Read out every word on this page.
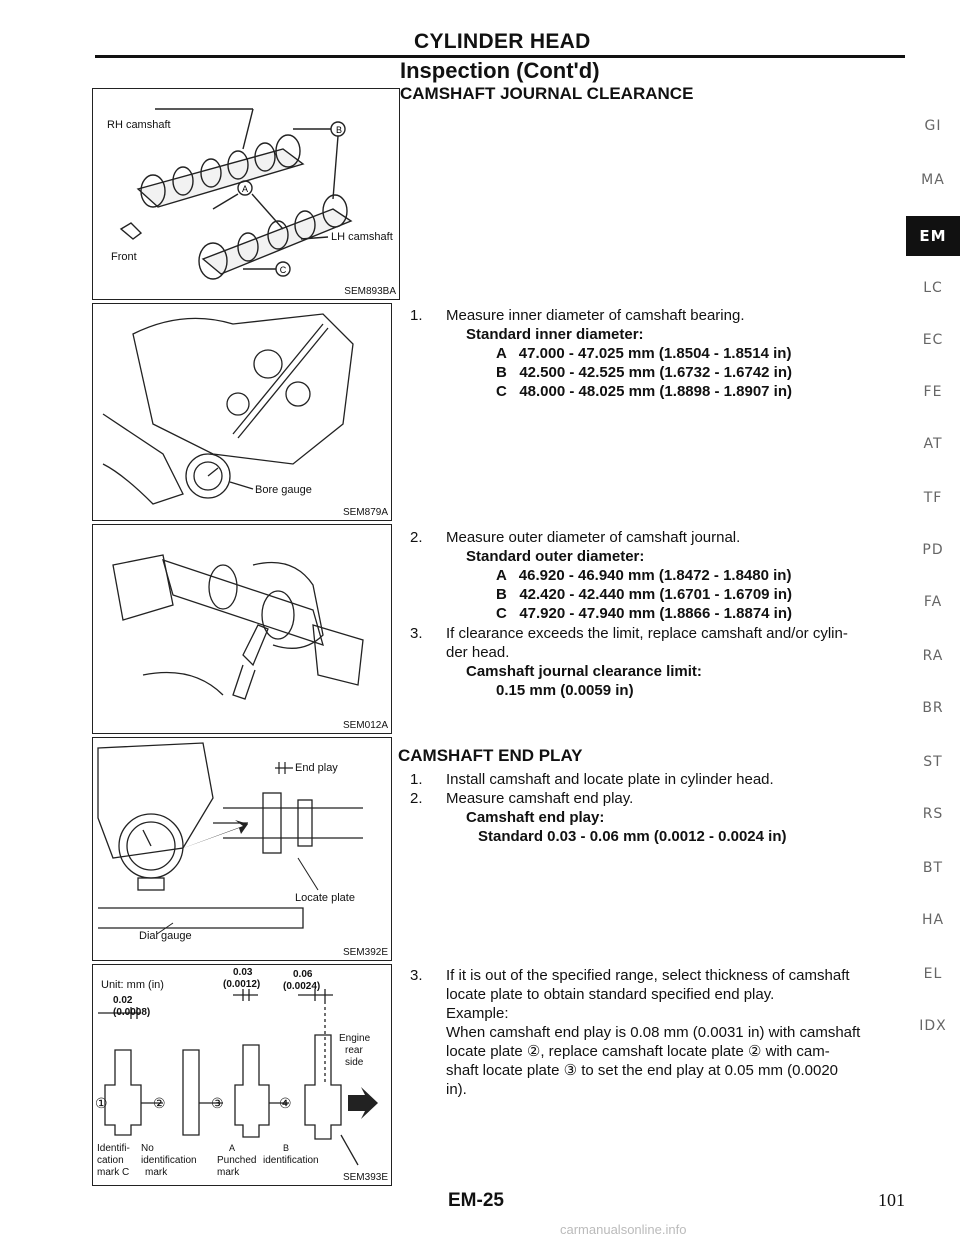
CYLINDER HEAD
Inspection (Cont'd)
B
A
C
RH camshaft
LH camshaft
Front
SEM893BA
Bore gauge
SEM879A
SEM012A
End play
Locate plate
Dial gauge
SEM392E
Unit: mm (in)
0.02
(0.0008)
0.03
(0.0012)
0.06
(0.0024)
Engine
rear
side
①	②	③	④
Identifi-
cation
mark C
No
identification
mark
A	B
Punched
mark
identification
SEM393E
CAMSHAFT JOURNAL CLEARANCE
1.	Measure inner diameter of camshaft bearing.
Standard inner diameter:
A   47.000 - 47.025 mm (1.8504 - 1.8514 in)
B   42.500 - 42.525 mm (1.6732 - 1.6742 in)
C   48.000 - 48.025 mm (1.8898 - 1.8907 in)
2.	Measure outer diameter of camshaft journal.
Standard outer diameter:
A   46.920 - 46.940 mm (1.8472 - 1.8480 in)
B   42.420 - 42.440 mm (1.6701 - 1.6709 in)
C   47.920 - 47.940 mm (1.8866 - 1.8874 in)
3.	If clearance exceeds the limit, replace camshaft and/or cylin-
der head.
Camshaft journal clearance limit:
0.15 mm (0.0059 in)
CAMSHAFT END PLAY
1.	Install camshaft and locate plate in cylinder head.
2.	Measure camshaft end play.
Camshaft end play:
Standard 0.03 - 0.06 mm (0.0012 - 0.0024 in)
3.	If it is out of the specified range, select thickness of camshaft
locate plate to obtain standard specified end play.
Example:
When camshaft end play is 0.08 mm (0.0031 in) with camshaft
locate plate ②, replace camshaft locate plate ② with cam-
shaft locate plate ③ to set the end play at 0.05 mm (0.0020
in).
GI
MA
EM
LC
EC
FE
AT
TF
PD
FA
RA
BR
ST
RS
BT
HA
EL
IDX
EM-25	101
carmanualsonline.info
